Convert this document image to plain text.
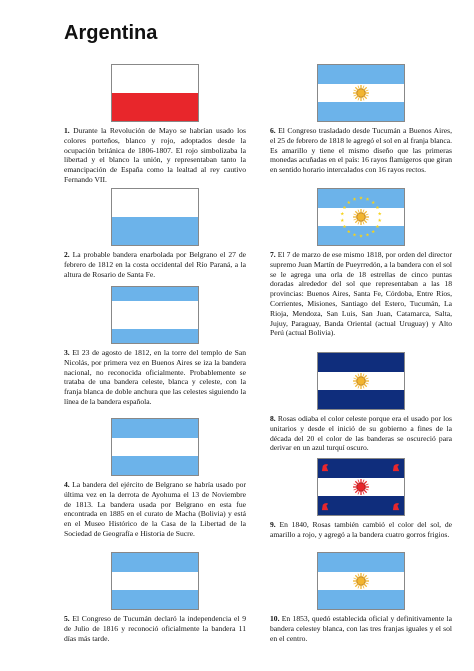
Argentina
1. Durante la Revolución de Mayo se habrían usado los colores porteños, blanco y rojo, adoptados desde la ocupación británica de 1806-1807. El rojo simbolizaba la libertad y el blanco la unión, y representaban tanto la emancipación de España como la lealtad al rey cautivo Fernando VII.
2. La probable bandera enarbolada por Belgrano el 27 de febrero de 1812 en la costa occidental del Río Paraná, a la altura de Rosario de Santa Fe.
3. El 23 de agosto de 1812, en la torre del templo de San Nicolás, por primera vez en Buenos Aires se iza la bandera nacional, no reconocida oficialmente. Probablemente se trataba de una bandera celeste, blanca y celeste, con la franja blanca de doble anchura que las celestes siguiendo la línea de la bandera española.
4. La bandera del ejército de Belgrano se habría usado por última vez en la derrota de Ayohuma el 13 de Noviembre de 1813. La bandera usada por Belgrano en esta fue encontrada en 1885 en el curato de Macha (Bolivia) y está en el Museo Histórico de la Casa de la Libertad de la Sociedad de Geografía e Historia de Sucre.
5. El Congreso de Tucumán declaró la independencia el 9 de Julio de 1816 y reconoció oficialmente la bandera 11 días más tarde.
6. El Congreso trasladado desde Tucumán a Buenos Aires, el 25 de febrero de 1818 le agregó el sol en al franja blanca. Es amarillo y tiene el mismo diseño que las primeras monedas acuñadas en el país: 16 rayos flamígeros que giran en sentido horario intercalados con 16 rayos rectos.
7. El 7 de marzo de ese mismo 1818, por orden del director supremo Juan Martín de Pueyrredón, a la bandera con el sol se le agrega una orla de 18 estrellas de cinco puntas doradas alrededor del sol que representaban a las 18 provincias: Buenos Aires, Santa Fe, Córdoba, Entre Ríos, Corrientes, Misiones, Santiago del Estero, Tucumán, La Rioja, Mendoza, San Luis, San Juan, Catamarca, Salta, Jujuy, Paraguay, Banda Oriental (actual Uruguay) y Alto Perú (actual Bolivia).
8. Rosas odiaba el color celeste porque era el usado por los unitarios y desde el inició de su gobierno a fines de la década del 20 el color de las banderas se oscureció para derivar en un azul turquí oscuro.
9. En 1840, Rosas también cambió el color del sol, de amarillo a rojo, y agregó a la bandera cuatro gorros frigios.
10. En 1853, quedó establecida oficial y definitivamente la bandera celestey blanca, con las tres franjas iguales y el sol en el centro.
